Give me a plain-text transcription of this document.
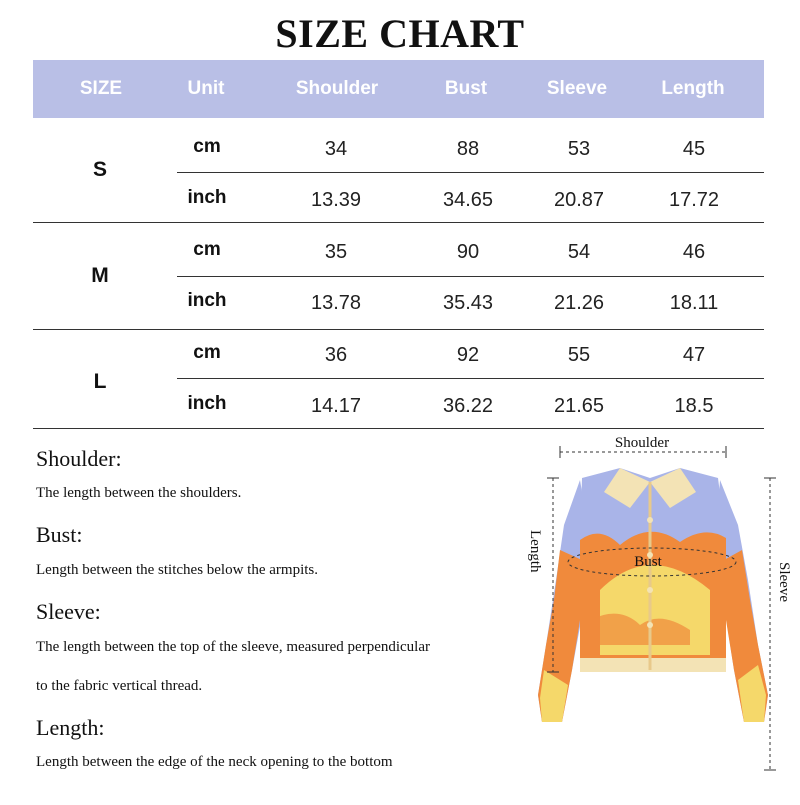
SIZE CHART
SIZE	Unit	Shoulder	Bust	Sleeve	Length
S
cm	34	88	53	45
inch	13.39	34.65	20.87	17.72
M
cm	35	90	54	46
inch	13.78	35.43	21.26	18.11
L
cm	36	92	55	47
inch	14.17	36.22	21.65	18.5
Shoulder:
The length between the shoulders.
Bust:
Length between the stitches below the armpits.
Sleeve:
The length between the top of the sleeve, measured perpendicular
to the fabric vertical thread.
Length:
Length between the edge of the neck opening to the bottom
Shoulder
Bust
Length
Sleeve
